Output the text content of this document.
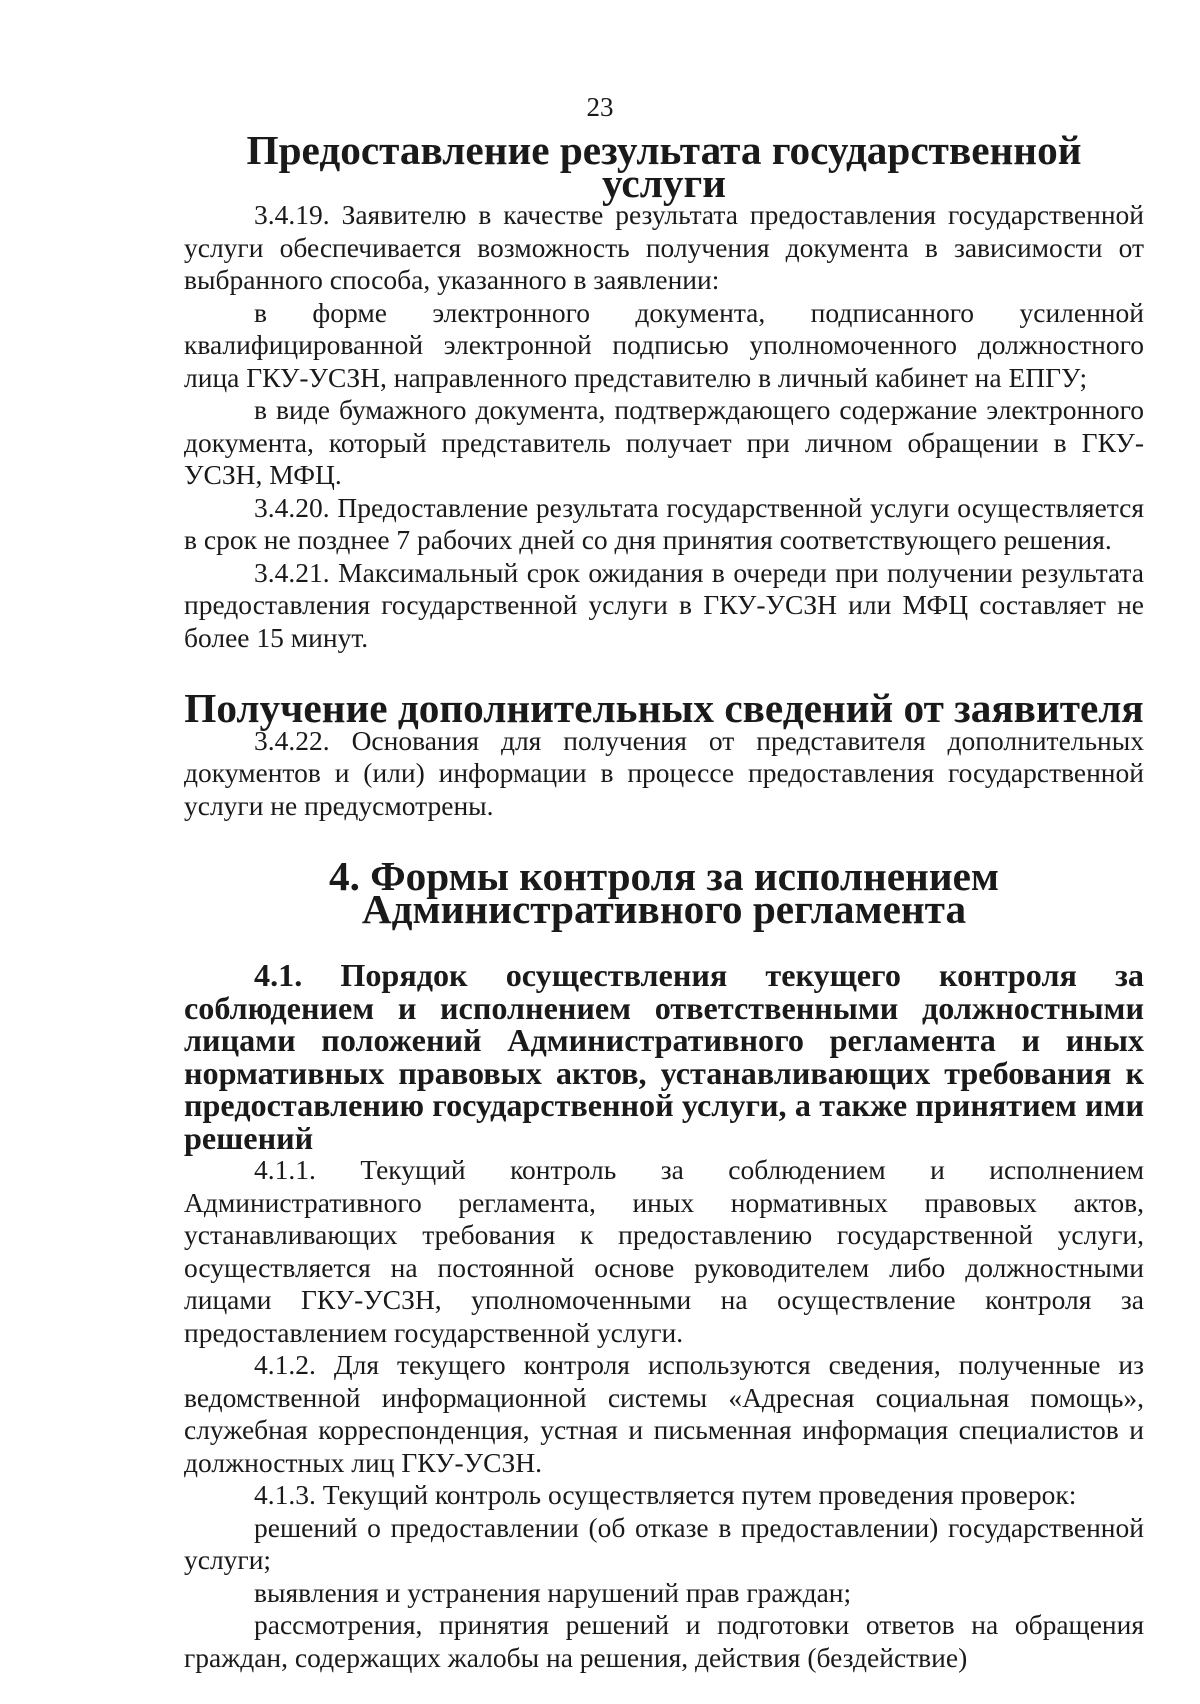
23
Предоставление результата государственной услуги

3.4.19. Заявителю в качестве результата предоставления государственной услуги обеспечивается возможность получения документа в зависимости от выбранного способа, указанного в заявлении:

в форме электронного документа, подписанного усиленной квалифицированной электронной подписью уполномоченного должностного лица ГКУ-УСЗН, направленного представителю в личный кабинет на ЕПГУ;

в виде бумажного документа, подтверждающего содержание электронного документа, который представитель получает при личном обращении в ГКУ-УСЗН, МФЦ.

3.4.20. Предоставление результата государственной услуги осуществляется в срок не позднее 7 рабочих дней со дня принятия соответствующего решения.

3.4.21. Максимальный срок ожидания в очереди при получении результата предоставления государственной услуги в ГКУ-УСЗН или МФЦ составляет не более 15 минут.

Получение дополнительных сведений от заявителя

3.4.22. Основания для получения от представителя дополнительных документов и (или) информации в процессе предоставления государственной услуги не предусмотрены.

4. Формы контроля за исполнением Административного регламента
4.1. Порядок осуществления текущего контроля за соблюдением и исполнением ответственными должностными лицами положений Административного регламента и иных нормативных правовых актов, устанавливающих требования к предоставлению государственной услуги, а также принятием ими решений

4.1.1. Текущий контроль за соблюдением и исполнением Административного регламента, иных нормативных правовых актов, устанавливающих требования к предоставлению государственной услуги, осуществляется на постоянной основе руководителем либо должностными лицами ГКУ-УСЗН, уполномоченными на осуществление контроля за предоставлением государственной услуги.

4.1.2. Для текущего контроля используются сведения, полученные из ведомственной информационной системы «Адресная социальная помощь», служебная корреспонденция, устная и письменная информация специалистов и должностных лиц ГКУ-УСЗН.

4.1.3. Текущий контроль осуществляется путем проведения проверок:

решений о предоставлении (об отказе в предоставлении) государственной услуги;

выявления и устранения нарушений прав граждан;

рассмотрения, принятия решений и подготовки ответов на обращения граждан, содержащих жалобы на решения, действия (бездействие)
